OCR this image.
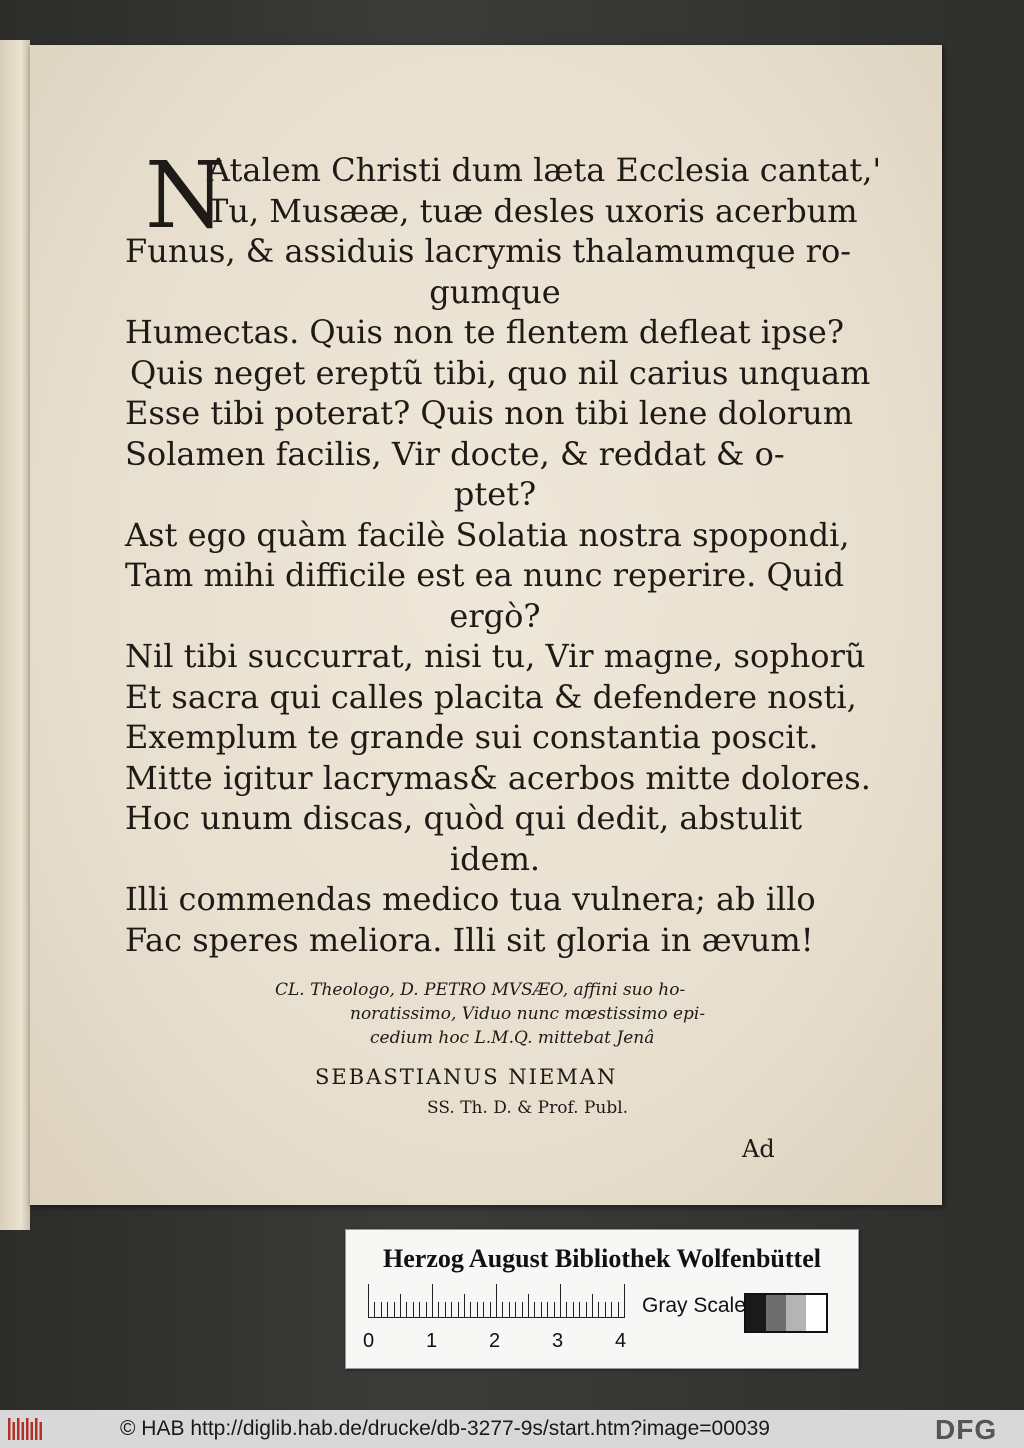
N
Atalem Christi dum læta Ecclesia cantat,'
Tu, Musææ, tuæ desles uxoris acerbum
Funus, & assiduis lacrymis thalamumque ro-
gumque
Humectas. Quis non te flentem defleat ipse?
Quis neget ereptũ tibi, quo nil carius unquam
Esse tibi poterat? Quis non tibi lene dolorum
Solamen facilis, Vir docte, & reddat & o-
ptet?
Ast ego quàm facilè Solatia nostra spopondi,
Tam mihi difficile est ea nunc reperire. Quid
ergò?
Nil tibi succurrat, nisi tu, Vir magne, sophorũ
Et sacra qui calles placita & defendere nosti,
Exemplum te grande sui constantia poscit.
Mitte igitur lacrymas& acerbos mitte dolores.
Hoc unum discas, quòd qui dedit, abstulit
idem.
Illi commendas medico tua vulnera; ab illo
Fac speres meliora. Illi sit gloria in ævum!
CL. Theologo, D. PETRO MVSÆO, affini suo ho-
noratissimo, Viduo nunc mœstissimo epi-
cedium hoc L.M.Q. mittebat Jenâ
SEBASTIANUS NIEMAN
SS. Th. D. & Prof. Publ.
Ad
Herzog August Bibliothek Wolfenbüttel
0	1	2	3	4
Gray Scale
© HAB http://diglib.hab.de/drucke/db-3277-9s/start.htm?image=00039	DFG
